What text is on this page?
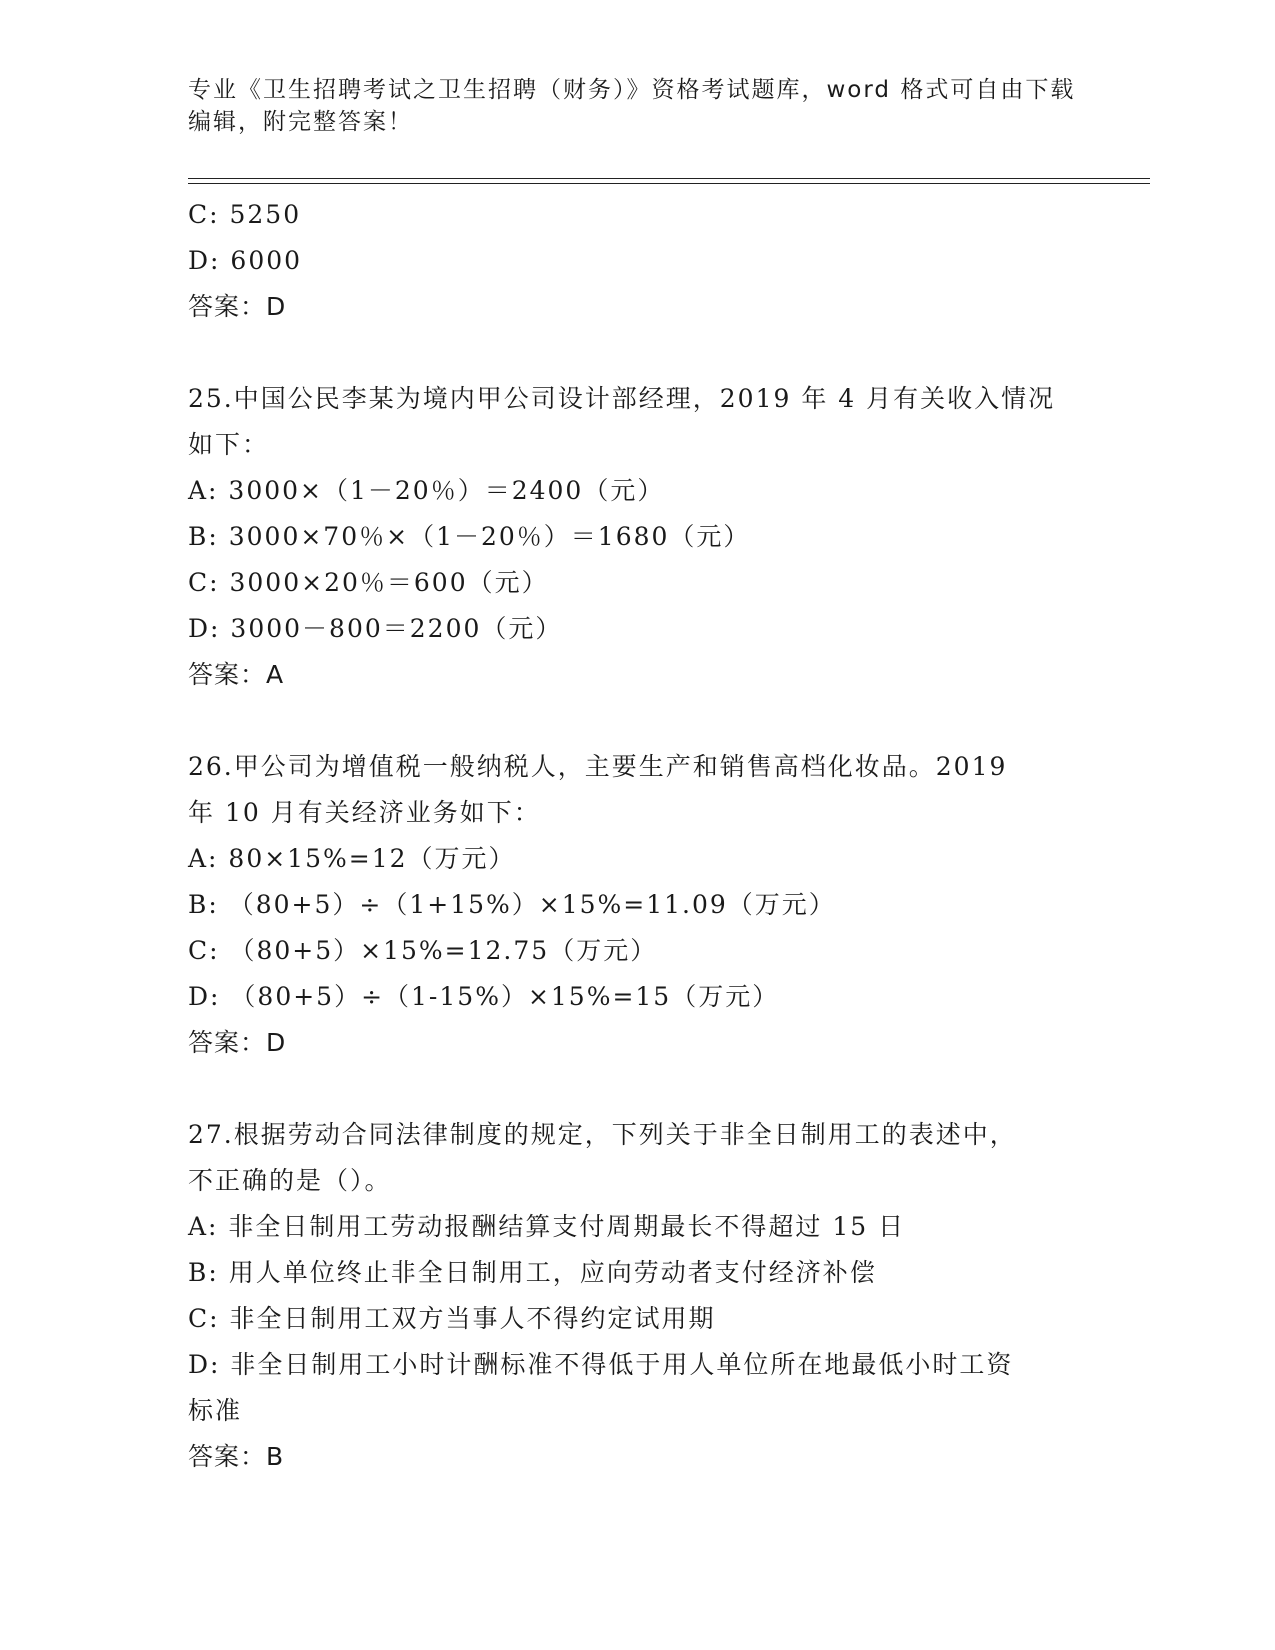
专业《卫生招聘考试之卫生招聘（财务）》资格考试题库，word 格式可自由下载
编辑，附完整答案！
C: 5250
D: 6000
答案：D
25.中国公民李某为境内甲公司设计部经理，2019 年 4 月有关收入情况
如下：
A: 3000×（1－20％）＝2400（元）
B: 3000×70％×（1－20％）＝1680（元）
C: 3000×20％＝600（元）
D: 3000－800＝2200（元）
答案：A
26.甲公司为增值税一般纳税人，主要生产和销售高档化妆品。2019
年 10 月有关经济业务如下：
A: 80×15%=12（万元）
B: （80+5）÷（1+15%）×15%=11.09（万元）
C: （80+5）×15%=12.75（万元）
D: （80+5）÷（1-15%）×15%=15（万元）
答案：D
27.根据劳动合同法律制度的规定，下列关于非全日制用工的表述中，
不正确的是（）。
A: 非全日制用工劳动报酬结算支付周期最长不得超过 15 日
B: 用人单位终止非全日制用工，应向劳动者支付经济补偿
C: 非全日制用工双方当事人不得约定试用期
D: 非全日制用工小时计酬标准不得低于用人单位所在地最低小时工资
标准
答案：B
